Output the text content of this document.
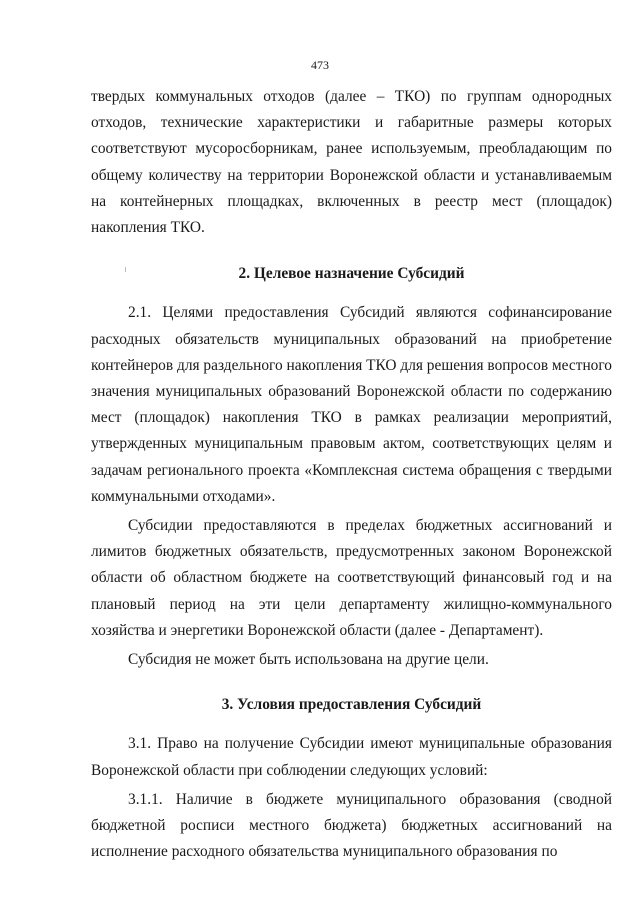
473

твердых коммунальных отходов (далее – ТКО) по группам однородных отходов, технические характеристики и габаритные размеры которых соответствуют мусоросборникам, ранее используемым, преобладающим по общему количеству на территории Воронежской области и устанавливаемым на контейнерных площадках, включенных в реестр мест (площадок) накопления ТКО.

2. Целевое назначение Субсидий

2.1. Целями предоставления Субсидий являются софинансирование расходных обязательств муниципальных образований на приобретение контейнеров для раздельного накопления ТКО для решения вопросов местного значения муниципальных образований Воронежской области по содержанию мест (площадок) накопления ТКО в рамках реализации мероприятий, утвержденных муниципальным правовым актом, соответствующих целям и задачам регионального проекта «Комплексная система обращения с твердыми коммунальными отходами».

Субсидии предоставляются в пределах бюджетных ассигнований и лимитов бюджетных обязательств, предусмотренных законом Воронежской области об областном бюджете на соответствующий финансовый год и на плановый период на эти цели департаменту жилищно-коммунального хозяйства и энергетики Воронежской области (далее - Департамент).

Субсидия не может быть использована на другие цели.

3. Условия предоставления Субсидий

3.1. Право на получение Субсидии имеют муниципальные образования Воронежской области при соблюдении следующих условий:

3.1.1. Наличие в бюджете муниципального образования (сводной бюджетной росписи местного бюджета) бюджетных ассигнований на исполнение расходного обязательства муниципального образования по
